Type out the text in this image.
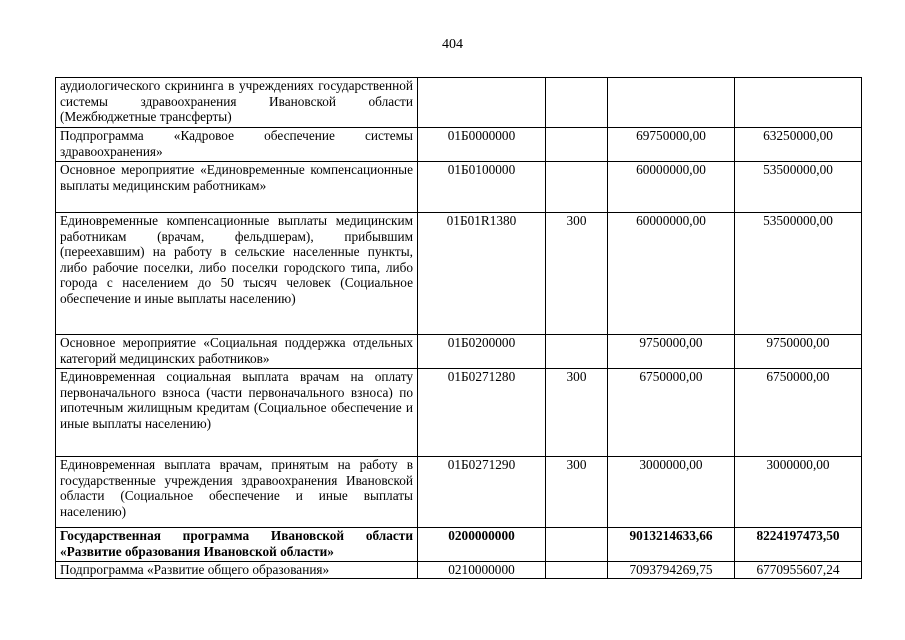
404
аудиологического скрининга в учреждениях государственной системы здравоохранения Ивановской области (Межбюджетные трансферты)				
Подпрограмма «Кадровое обеспечение системы здравоохранения»	01Б0000000		69750000,00	63250000,00
Основное мероприятие «Единовременные компенсационные выплаты медицинским работникам»	01Б0100000		60000000,00	53500000,00
Единовременные компенсационные выплаты медицинским работникам (врачам, фельдшерам), прибывшим (переехавшим) на работу в сельские населенные пункты, либо рабочие поселки, либо поселки городского типа, либо города с населением до 50 тысяч человек (Социальное обеспечение и иные выплаты населению)	01Б01R1380	300	60000000,00	53500000,00
Основное мероприятие «Социальная поддержка отдельных категорий медицинских работников»	01Б0200000		9750000,00	9750000,00
Единовременная социальная выплата врачам на оплату первоначального взноса (части первоначального взноса) по ипотечным жилищным кредитам (Социальное обеспечение и иные выплаты населению)	01Б0271280	300	6750000,00	6750000,00
Единовременная выплата врачам, принятым на работу в государственные учреждения здравоохранения Ивановской области (Социальное обеспечение и иные выплаты населению)	01Б0271290	300	3000000,00	3000000,00
Государственная программа Ивановской области «Развитие образования Ивановской области»	0200000000		9013214633,66	8224197473,50
Подпрограмма «Развитие общего образования»	0210000000		7093794269,75	6770955607,24
